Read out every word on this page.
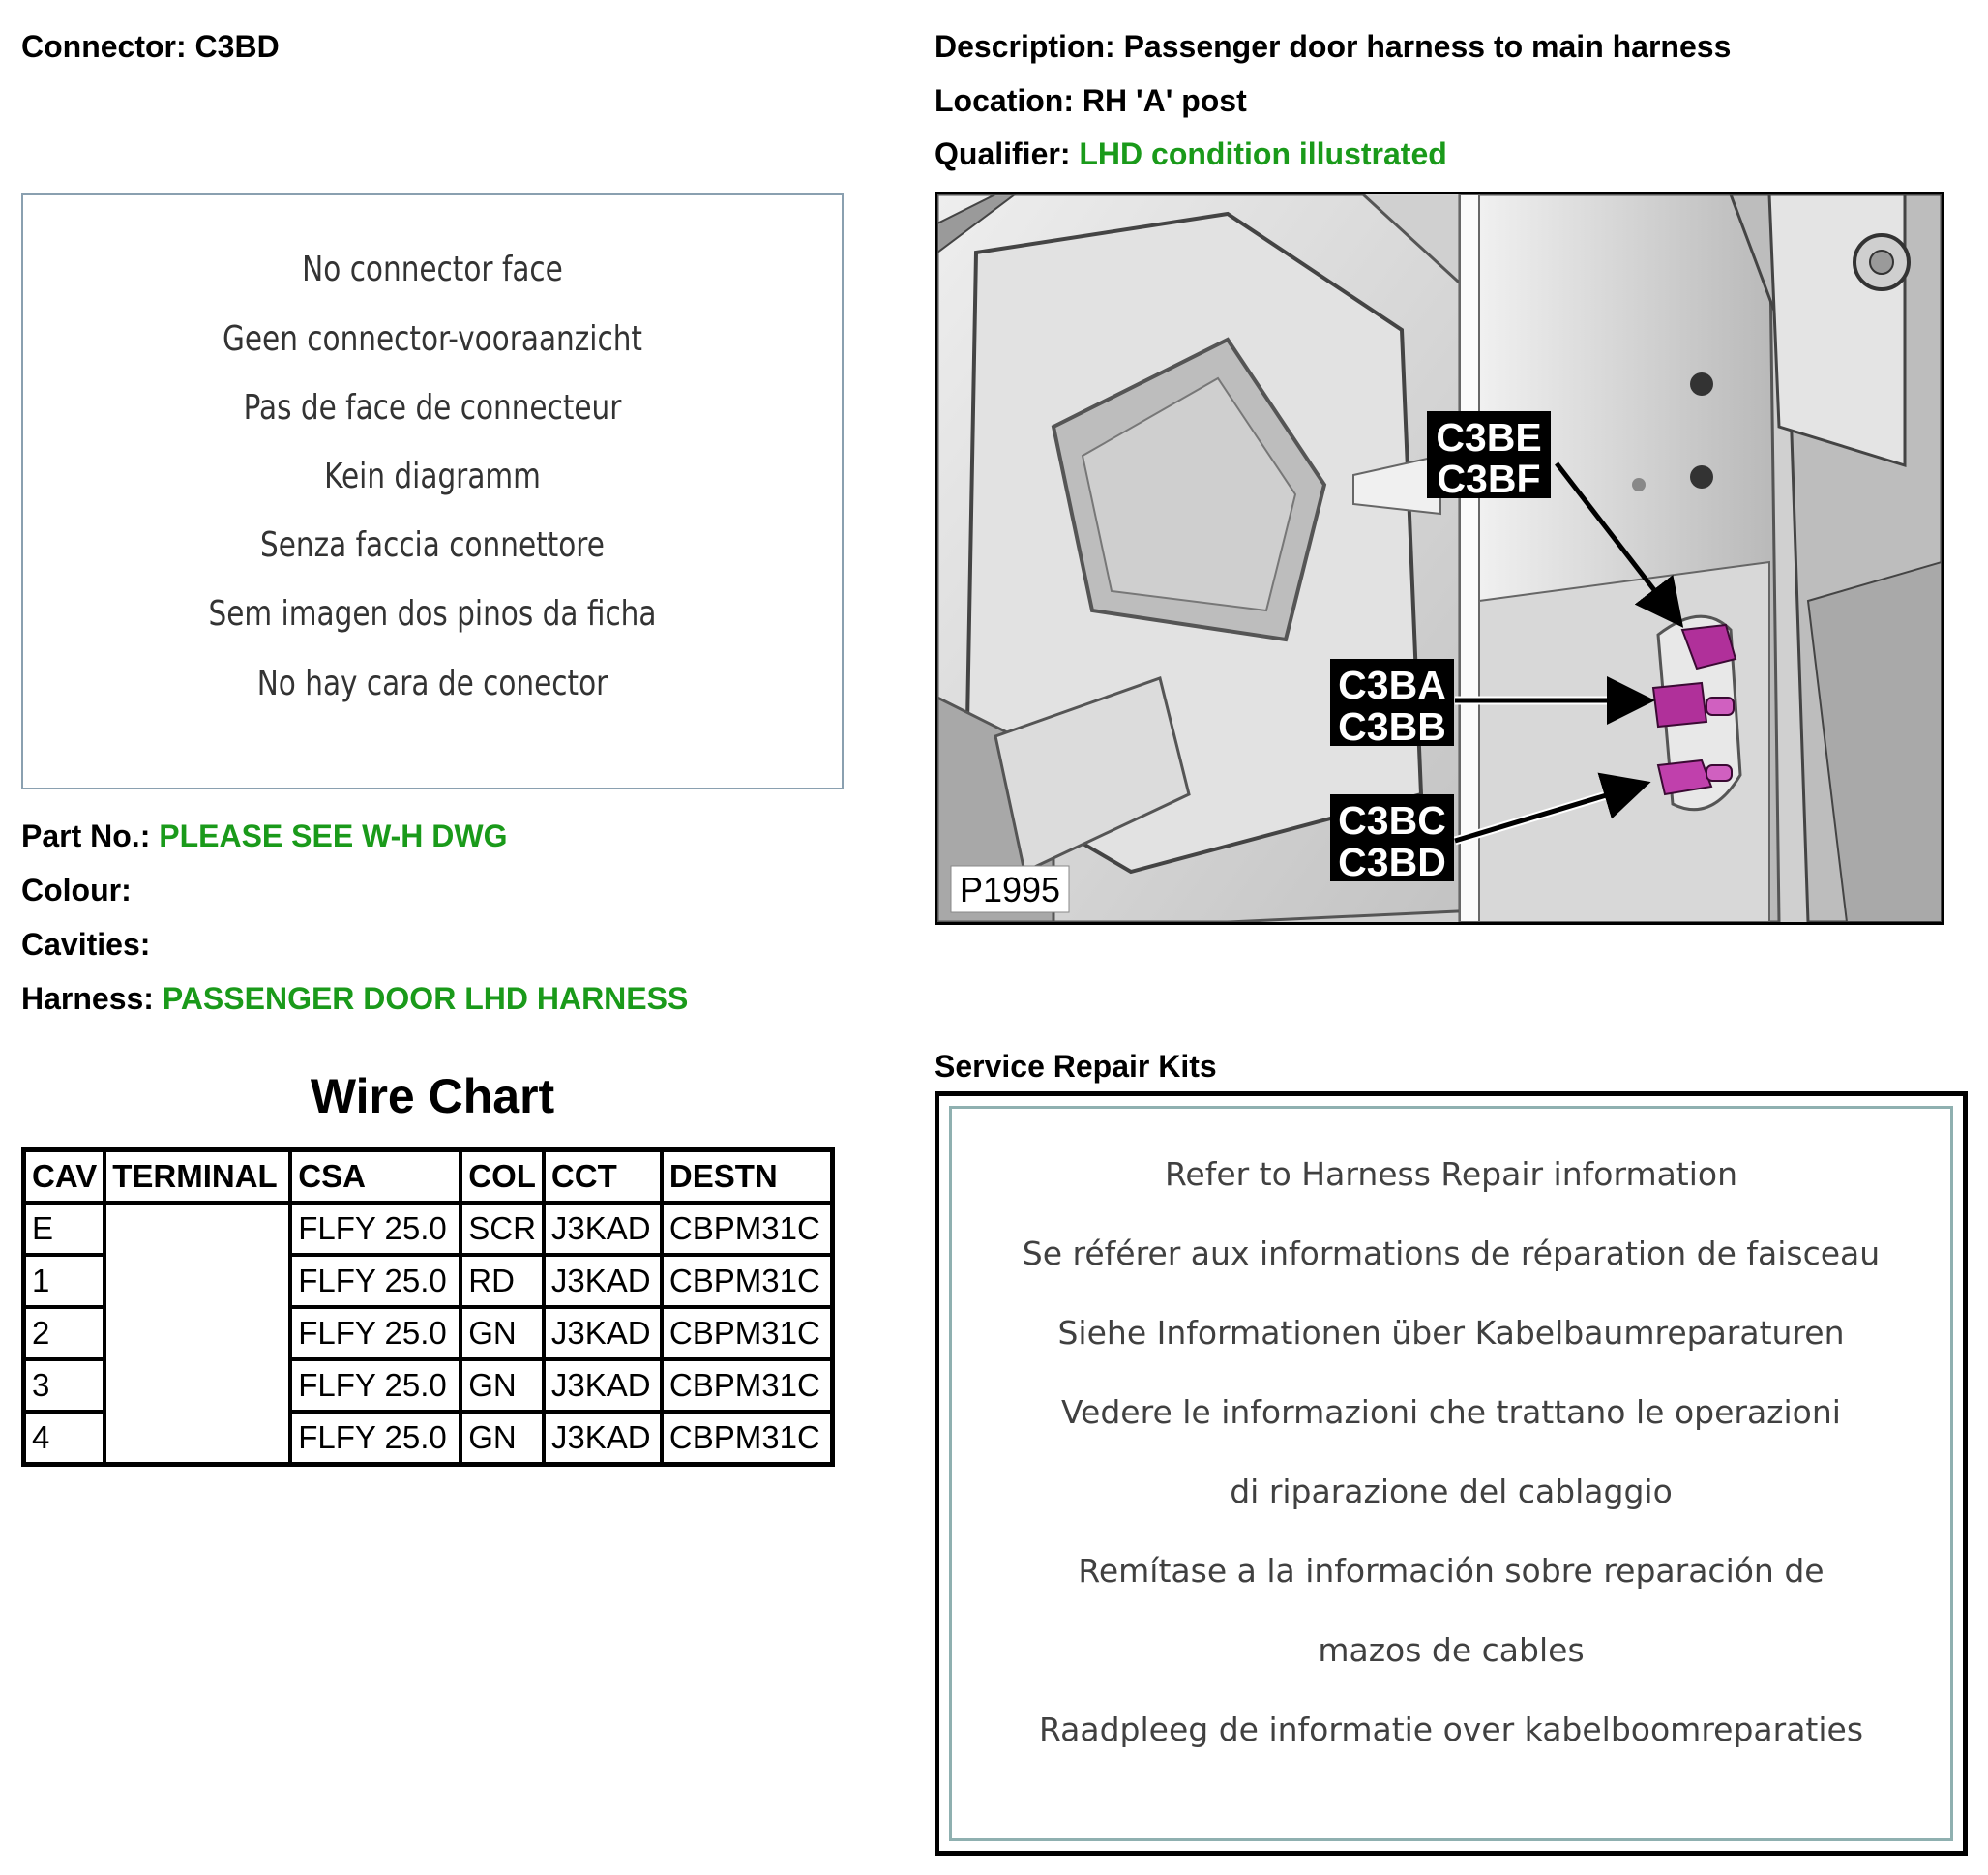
Connector: C3BD	Description: Passenger door harness to main harness
Location: RH 'A' post
Qualifier: LHD condition illustrated
No connector face
Geen connector-vooraanzicht
Pas de face de connecteur
Kein diagramm
Senza faccia connettore
Sem imagen dos pinos da ficha
No hay cara de conector
Part No.: PLEASE SEE W-H DWG
Colour:
Cavities:
Harness: PASSENGER DOOR LHD HARNESS
Wire Chart
CAV	TERMINAL	CSA	COL	CCT	DESTN
E		FLFY 25.0	SCR	J3KAD	CBPM31C
1		FLFY 25.0	RD	J3KAD	CBPM31C
2		FLFY 25.0	GN	J3KAD	CBPM31C
3		FLFY 25.0	GN	J3KAD	CBPM31C
4		FLFY 25.0	GN	J3KAD	CBPM31C
C3BE
C3BF
C3BA
C3BB
C3BC
C3BD
P1995
Service Repair Kits
Refer to Harness Repair information
Se référer aux informations de réparation de faisceau
Siehe Informationen über Kabelbaumreparaturen
Vedere le informazioni che trattano le operazioni
di riparazione del cablaggio
Remítase a la información sobre reparación de
mazos de cables
Raadpleeg de informatie over kabelboomreparaties
